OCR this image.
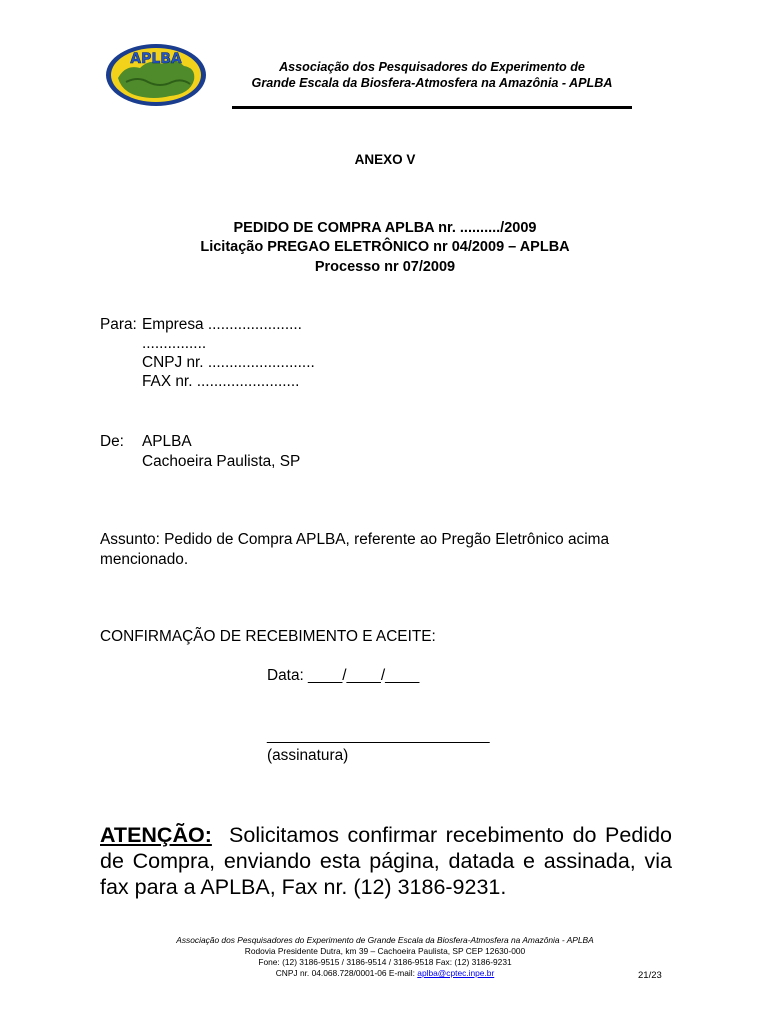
APLBA	Associação dos Pesquisadores do Experimento de
Grande Escala da Biosfera-Atmosfera na Amazônia - APLBA
ANEXO V
PEDIDO DE COMPRA APLBA nr. ........../2009
Licitação PREGAO ELETRÔNICO nr 04/2009 – APLBA
Processo nr 07/2009
Para: Empresa ......................
...............
CNPJ nr. .........................
FAX nr. ........................
De: APLBA
Cachoeira Paulista, SP
Assunto: Pedido de Compra APLBA, referente ao Pregão Eletrônico acima
mencionado.
CONFIRMAÇÃO DE RECEBIMENTO E ACEITE:
Data: ____/____/____
__________________________
(assinatura)
ATENÇÃO: Solicitamos confirmar recebimento do Pedido
de Compra, enviando esta página, datada e assinada, via
fax para a APLBA, Fax nr. (12) 3186-9231.
Associação dos Pesquisadores do Experimento de Grande Escala da Biosfera-Atmosfera na Amazônia - APLBA
Rodovia Presidente Dutra, km 39 – Cachoeira Paulista, SP CEP 12630-000
Fone: (12) 3186-9515 / 3186-9514 / 3186-9518 Fax: (12) 3186-9231
CNPJ nr. 04.068.728/0001-06 E-mail: aplba@cptec.inpe.br	21/23
